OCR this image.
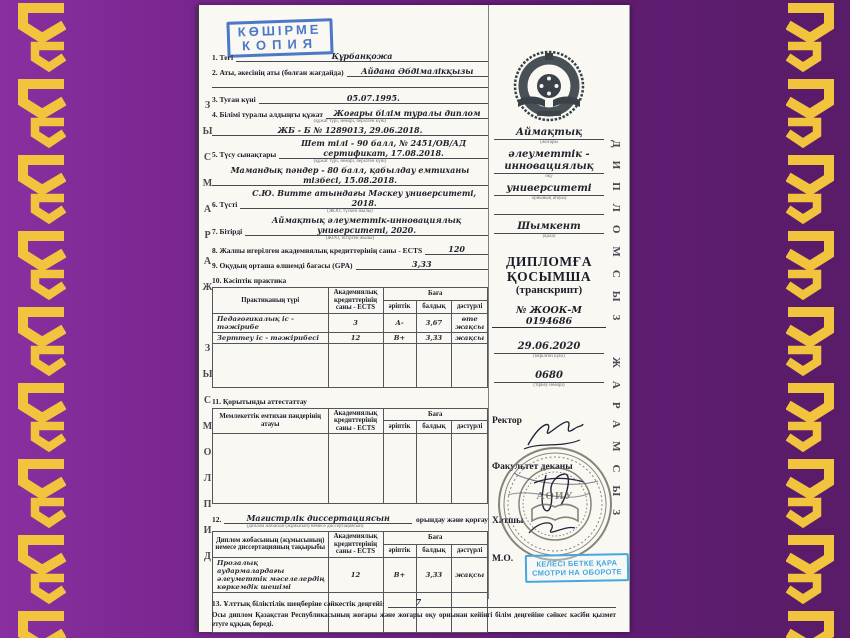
КӨШІРМЕ
КОПИЯ
ЗЫСМАРАЖ
ЗЫСМОЛПИД
ДИПЛОМСЫЗ
ЖАРАМСЫЗ
1. Тегі	Құрбанқожа
2. Аты, әкесінің аты (болған жағдайда)	Айдана Әбдімалікқызы
3. Туған күні	05.07.1995.
4. Білімі туралы алдыңғы құжат	Жоғары білім туралы диплом
(құжат түрі, нөмірі, берілген күні)
ЖБ - Б № 1289013, 29.06.2018.
5. Түсу сынақтары
Шет тілі - 90 балл, № 2451/ОВ/АД сертификат, 17.08.2018.
(құжат түрі, нөмірі, берілген күні)
Мамандық пәндер - 80 балл, қабылдау емтиханы тізбесі, 15.08.2018.
6. Түсті
С.Ю. Витте атындағы Мәскеу университеті, 2018.
(ЖОО, түскен жылы)
7. Бітірді
Аймақтық әлеуметтік-инновациялық университеті, 2020.
(ЖОО, бітірген жылы)
8. Жалпы игерілген академиялық кредиттерінің саны - ECTS	120
9. Оқудың орташа өлшемді бағасы (GPA)	3,33
10. Кәсіптік практика
Практиканың түрі	Академиялық кредиттерінің саны - ECTS	Баға		
		әріптік	балдық	дәстүрлі
Педагогикалық іс - тәжірибе	3	А-	3,67	өте жақсы
Зерттеу іс - тәжірибесі	12	В+	3,33	жақсы

11. Қорытынды аттестаттау
Мемлекеттік емтихан пәндерінің атауы	Академиялық кредиттерінің саны - ECTS	Баға		
		әріптік	балдық	дәстүрлі

12.	Магистрлік диссертациясын	орындау және қорғау
(диплом жобасын (жұмысын) немесе диссертациясын)
Диплом жобасының (жұмысының) немесе диссертацияның тақырыбы	Академиялық кредиттерінің саны - ECTS	Баға		
		әріптік	балдық	дәстүрлі
Прозалық аудармалардағы әлеуметтік мәселелердің көркемдік шешімі	12	В+	3,33	жақсы

Аймақтық
(жоғары
әлеуметтік - инновациялық
оқу
университеті
орнының атауы)
Шымкент
(қала)
ДИПЛОМҒА
ҚОСЫМША
(транскрипт)
№ ЖООК-М 0194686
29.06.2020
(берілген күні)
0680
(тіркеу нөмірі)
Ректор
Факультет деканы
Хатшы
М.О.
АӨИУ
КЕЛЕСІ БЕТКЕ ҚАРА
СМОТРИ НА ОБОРОТЕ
13. Ұлттық біліктілік шеңберіне сәйкестік деңгейі:	7
Осы диплом Қазақстан Республикасының жоғары және жоғары оқу орнынан кейінгі білім деңгейіне сәйкес кәсіби қызмет етуге құқық береді.
